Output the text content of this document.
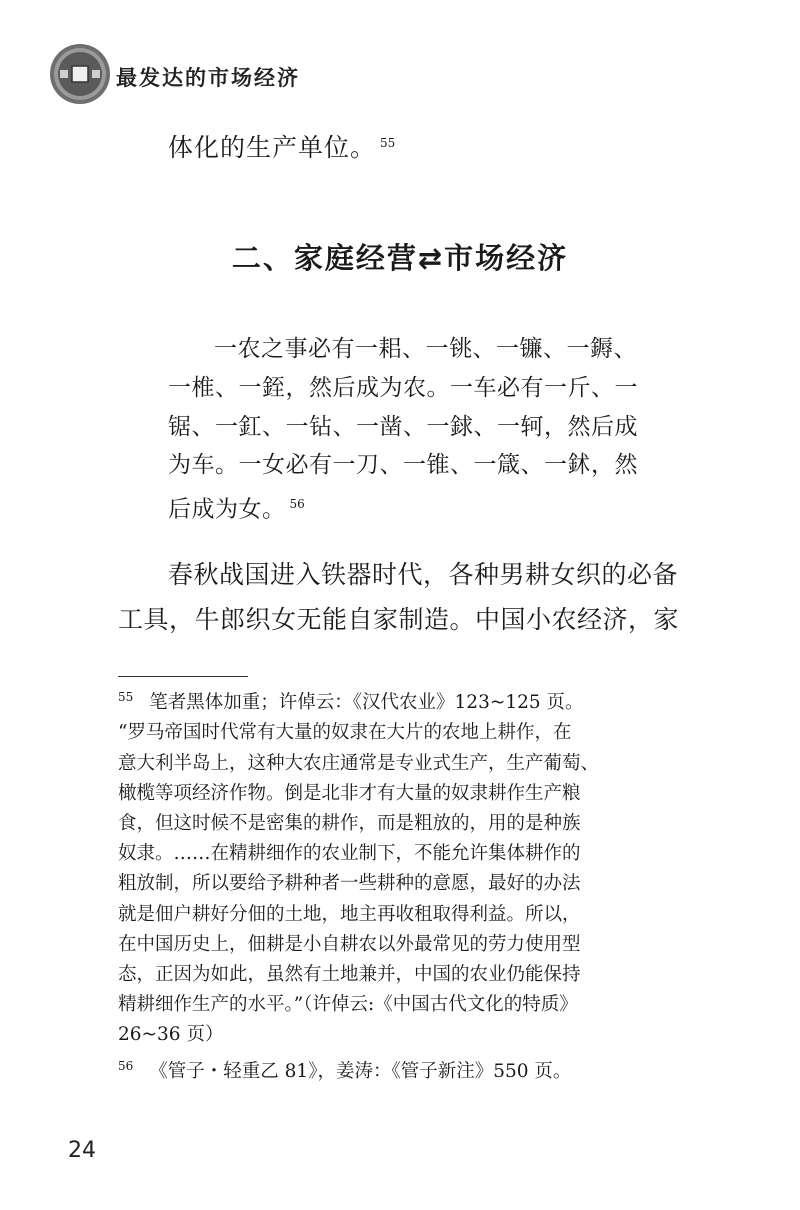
最发达的市场经济
体化的生产单位。 $^{55}$
二、家庭经营⇄市场经济
一农之事必有一耜、一铫、一镰、一鎒、
一椎、一銍，然后成为农。一车必有一斤、一
锯、一釭、一钻、一凿、一銶、一轲，然后成
为车。一女必有一刀、一锥、一箴、一鉥，然
后成为女。 $^{56}$
春秋战国进入铁器时代，各种男耕女织的必备
工具，牛郎织女无能自家制造。中国小农经济，家
$^{55}$ 笔者黑体加重；许倬云：《汉代农业》123~125 页。
“罗马帝国时代常有大量的奴隶在大片的农地上耕作，在
意大利半岛上，这种大农庄通常是专业式生产，生产葡萄、
橄榄等项经济作物。倒是北非才有大量的奴隶耕作生产粮
食，但这时候不是密集的耕作，而是粗放的，用的是种族
奴隶。……在精耕细作的农业制下，不能允许集体耕作的
粗放制，所以要给予耕种者一些耕种的意愿，最好的办法
就是佃户耕好分佃的土地，地主再收租取得利益。所以，
在中国历史上，佃耕是小自耕农以外最常见的劳力使用型
态，正因为如此，虽然有土地兼并，中国的农业仍能保持
精耕细作生产的水平。”（许倬云:《中国古代文化的特质》
26~36 页）
$^{56}$ 《管子・轻重乙 81》，姜涛：《管子新注》550 页。
24
